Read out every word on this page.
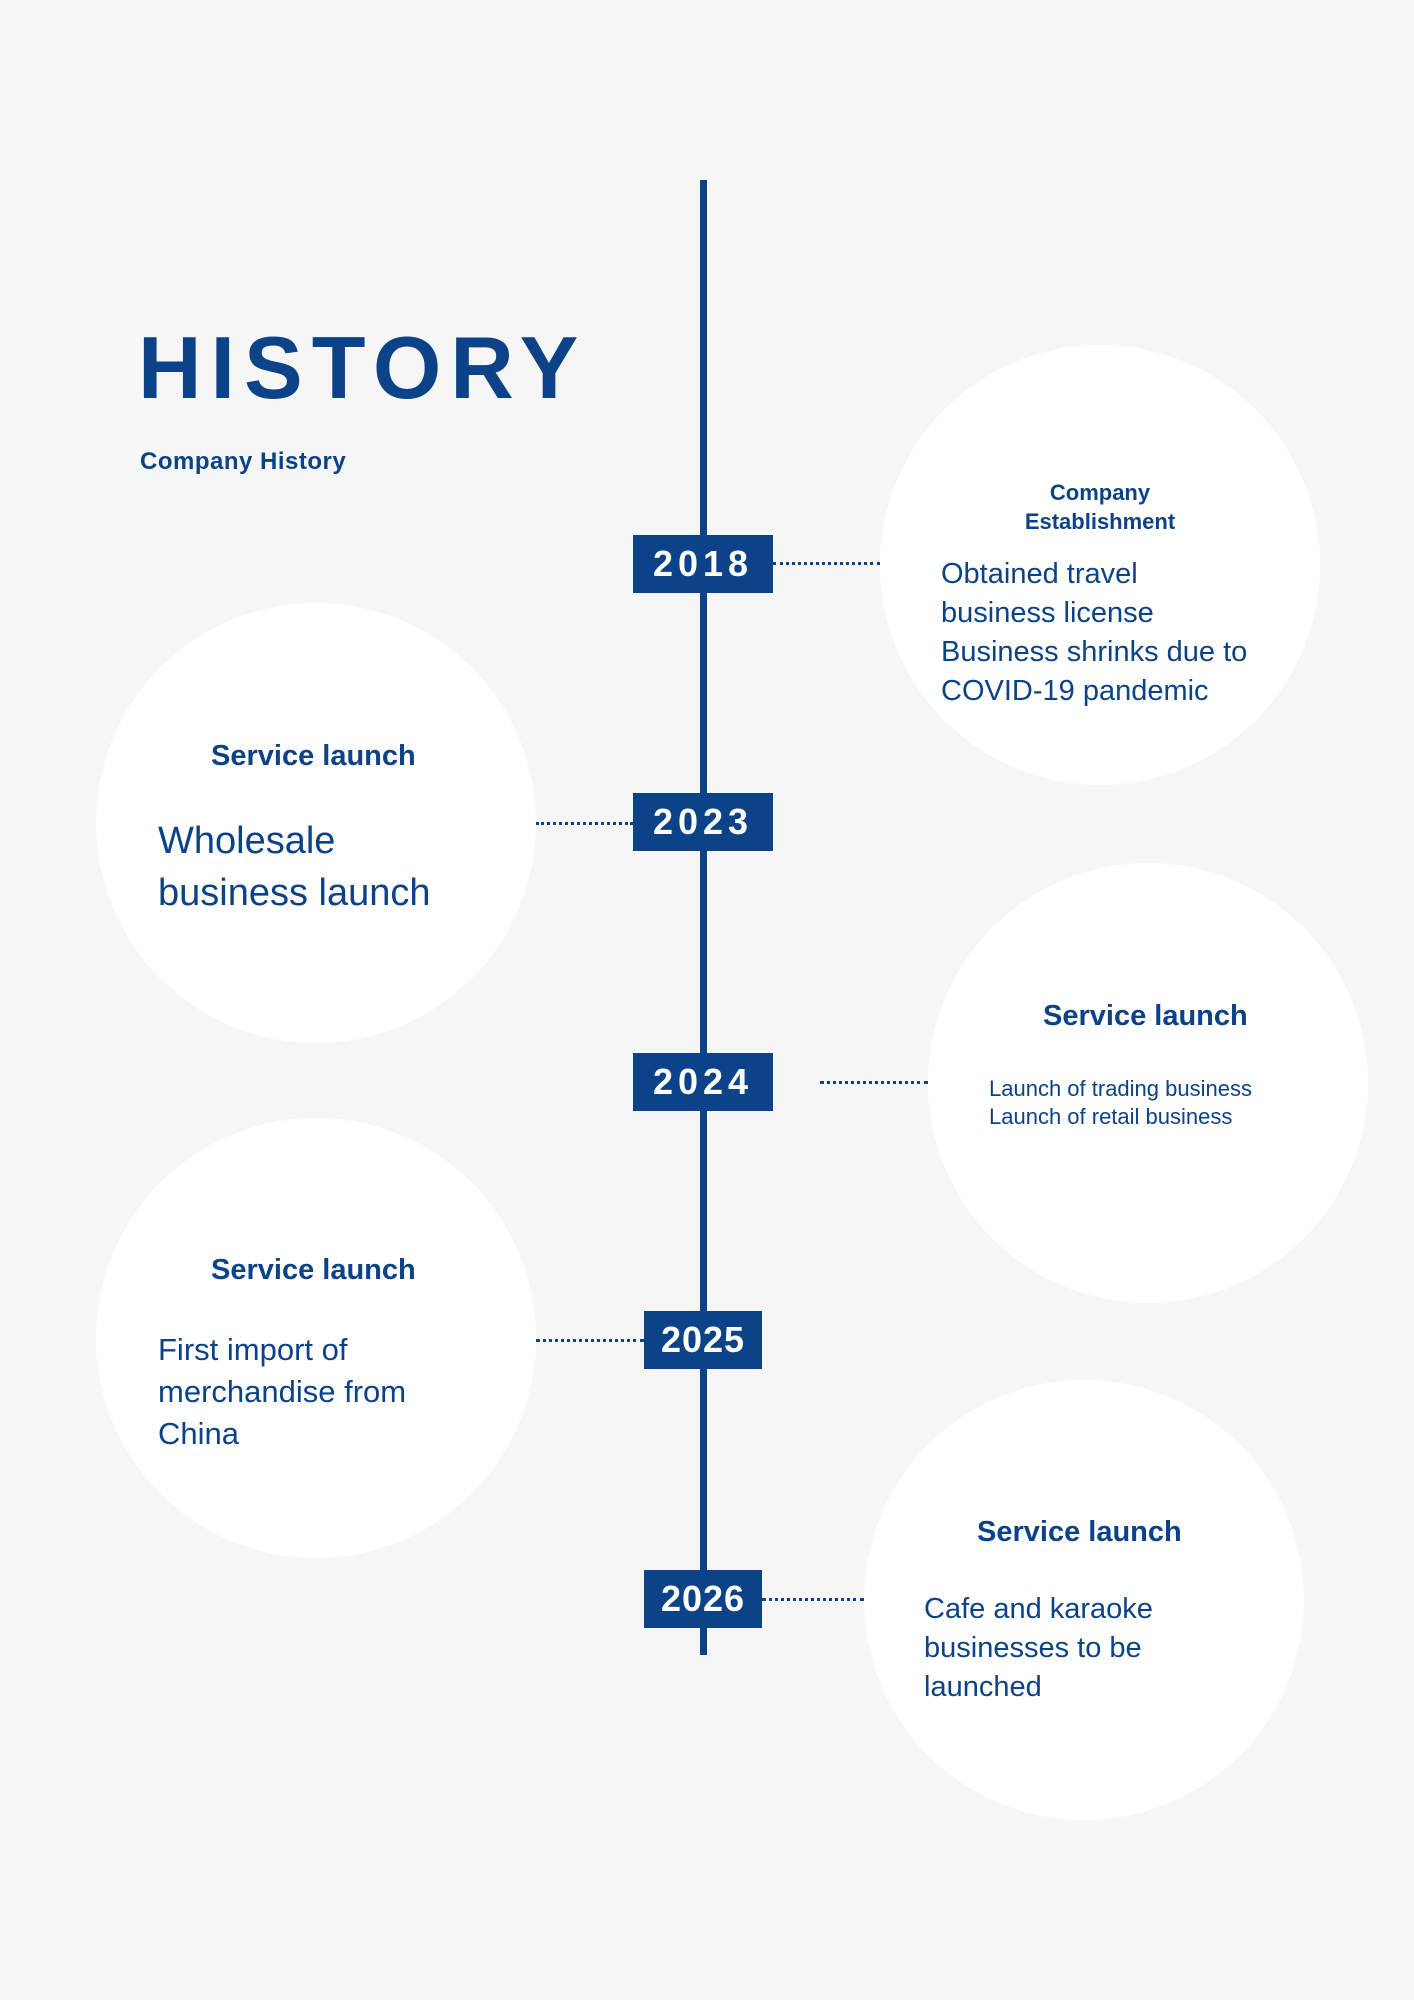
HISTORY
Company History
2018
Company
Establishment
Obtained travel
business license
Business shrinks due to
COVID-19 pandemic
2023
Service launch
Wholesale
business launch
2024
Service launch
Launch of trading business
Launch of retail business
2025
Service launch
First import of
merchandise from
China
2026
Service launch
Cafe and karaoke
businesses to be
launched
